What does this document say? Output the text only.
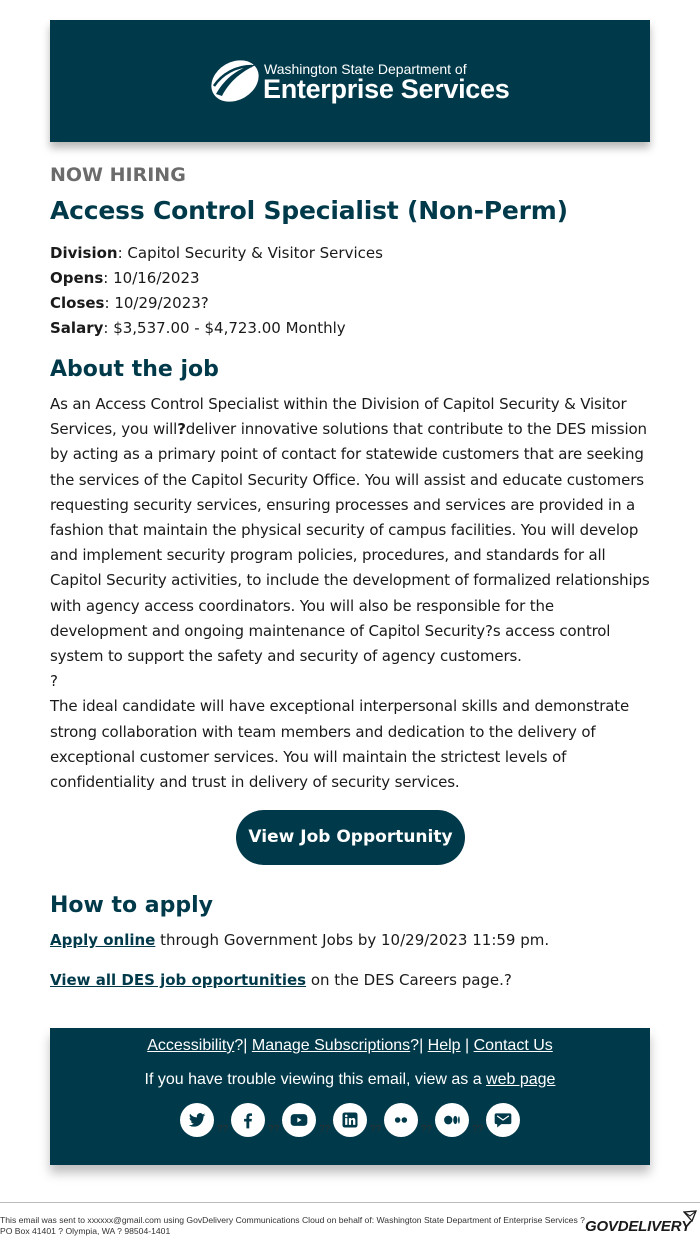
Washington State Department of
Enterprise Services
NOW HIRING
Access Control Specialist (Non-Perm)
Division: Capitol Security & Visitor Services
Opens: 10/16/2023
Closes: 10/29/2023?
Salary: $3,537.00 - $4,723.00 Monthly
About the job

As an Access Control Specialist within the Division of Capitol Security & Visitor Services, you will?deliver innovative solutions that contribute to the DES mission by acting as a primary point of contact for statewide customers that are seeking the services of the Capitol Security Office. You will assist and educate customers requesting security services, ensuring processes and services are provided in a fashion that maintain the physical security of campus facilities. You will develop and implement security program policies, procedures, and standards for all Capitol Security activities, to include the development of formalized relationships with agency access coordinators. You will also be responsible for the development and ongoing maintenance of Capitol Security?s access control system to support the safety and security of agency customers.

?

The ideal candidate will have exceptional interpersonal skills and demonstrate strong collaboration with team members and dedication to the delivery of exceptional customer services. You will maintain the strictest levels of confidentiality and trust in delivery of security services.

View Job Opportunity
How to apply
Apply online through Government Jobs by 10/29/2023 11:59 pm.
View all DES job opportunities on the DES Careers page.?
Accessibility?| Manage Subscriptions?| Help | Contact Us
If you have trouble viewing this email, view as a web page
??	??	??	??	??	??
This email was sent to xxxxxx@gmail.com using GovDelivery Communications Cloud on behalf of: Washington State Department of Enterprise Services ? PO Box 41401 ? Olympia, WA ? 98504-1401	GOVDELIVERY
